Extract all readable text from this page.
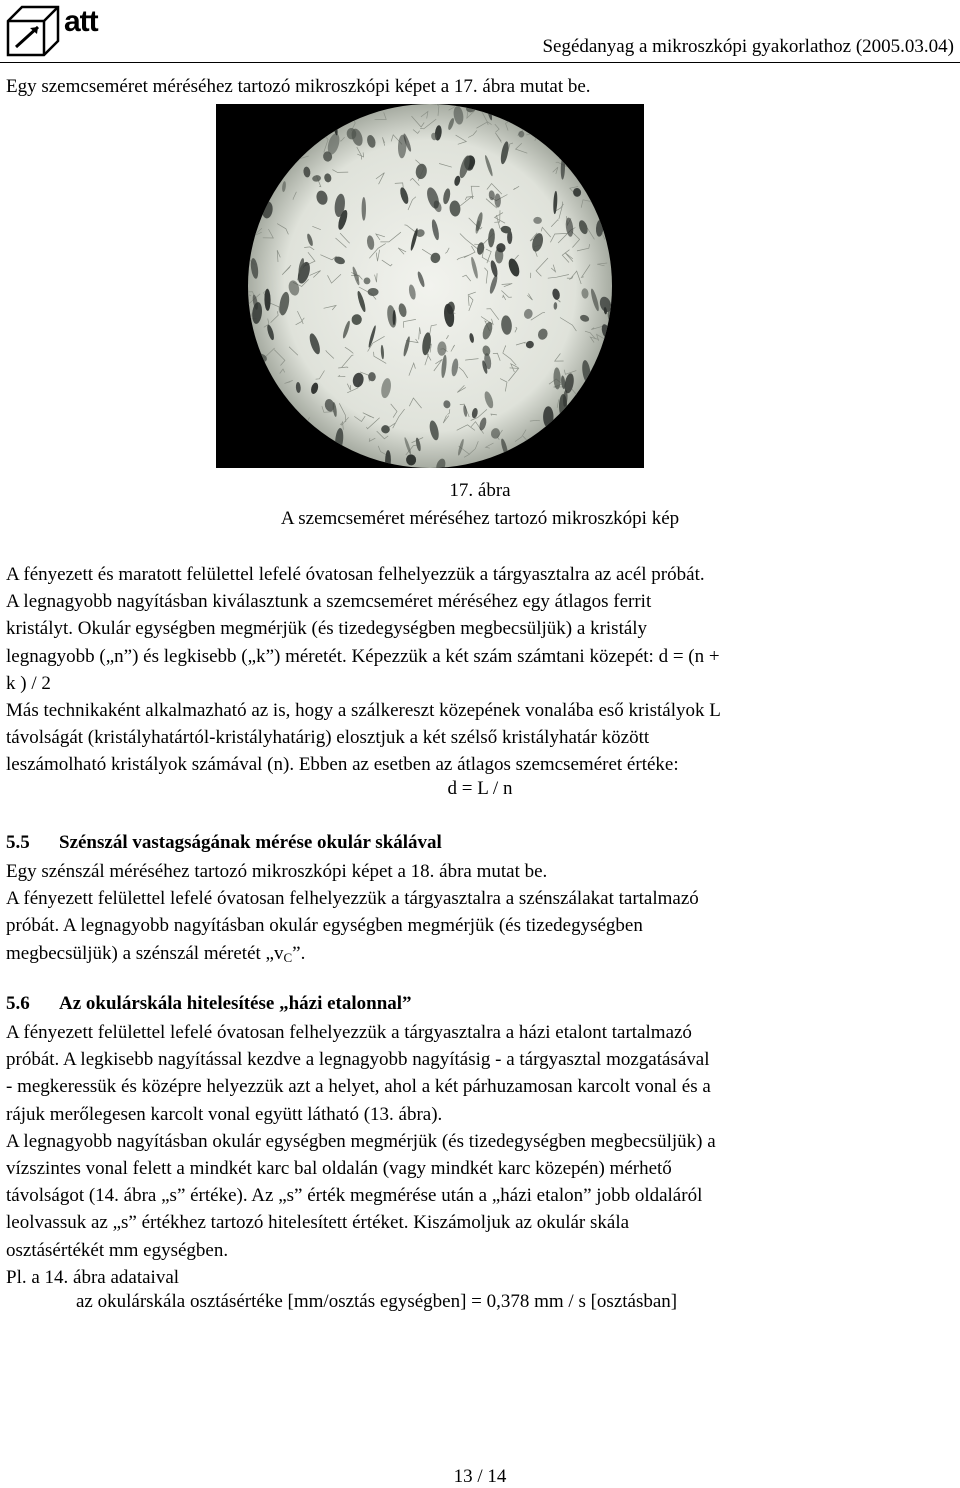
att
Segédanyag a mikroszkópi gyakorlathoz (2005.03.04)
Egy szemcseméret méréséhez tartozó mikroszkópi képet a 17. ábra mutat be.
17. ábra
A szemcseméret méréséhez tartozó mikroszkópi kép

A fényezett és maratott felülettel lefelé óvatosan felhelyezzük a tárgyasztalra az acél próbát.

A legnagyobb nagyításban kiválasztunk a szemcseméret méréséhez egy átlagos ferrit

kristályt. Okulár egységben megmérjük (és tizedegységben megbecsüljük) a kristály

legnagyobb („n”) és legkisebb („k”) méretét. Képezzük a két szám számtani közepét: d = (n +

k ) / 2

Más technikaként alkalmazható az is, hogy a szálkereszt közepének vonalába eső kristályok L

távolságát (kristályhatártól-kristályhatárig) elosztjuk a két szélső kristályhatár között

leszámolható kristályok számával (n). Ebben az esetben az átlagos szemcseméret értéke:

d = L / n
5.5 Szénszál vastagságának mérése okulár skálával

Egy szénszál méréséhez tartozó mikroszkópi képet a 18. ábra mutat be.

A fényezett felülettel lefelé óvatosan felhelyezzük a tárgyasztalra a szénszálakat tartalmazó

próbát. A legnagyobb nagyításban okulár egységben megmérjük (és tizedegységben

megbecsüljük) a szénszál méretét $„v_C$”.

5.6 Az okulárskála hitelesítése „házi etalonnal”

A fényezett felülettel lefelé óvatosan felhelyezzük a tárgyasztalra a házi etalont tartalmazó

próbát. A legkisebb nagyítással kezdve a legnagyobb nagyításig - a tárgyasztal mozgatásával

- megkeressük és középre helyezzük azt a helyet, ahol a két párhuzamosan karcolt vonal és a

rájuk merőlegesen karcolt vonal együtt látható (13. ábra).

A legnagyobb nagyításban okulár egységben megmérjük (és tizedegységben megbecsüljük) a

vízszintes vonal felett a mindkét karc bal oldalán (vagy mindkét karc közepén) mérhető

távolságot (14. ábra „s” értéke). Az „s” érték megmérése után a „házi etalon” jobb oldaláról

leolvassuk az „s” értékhez tartozó hitelesített értéket. Kiszámoljuk az okulár skála

osztásértékét mm egységben.

Pl. a 14. ábra adataival

az okulárskála osztásértéke [mm/osztás egységben] = 0,378 mm / s [osztásban]
13 / 14
